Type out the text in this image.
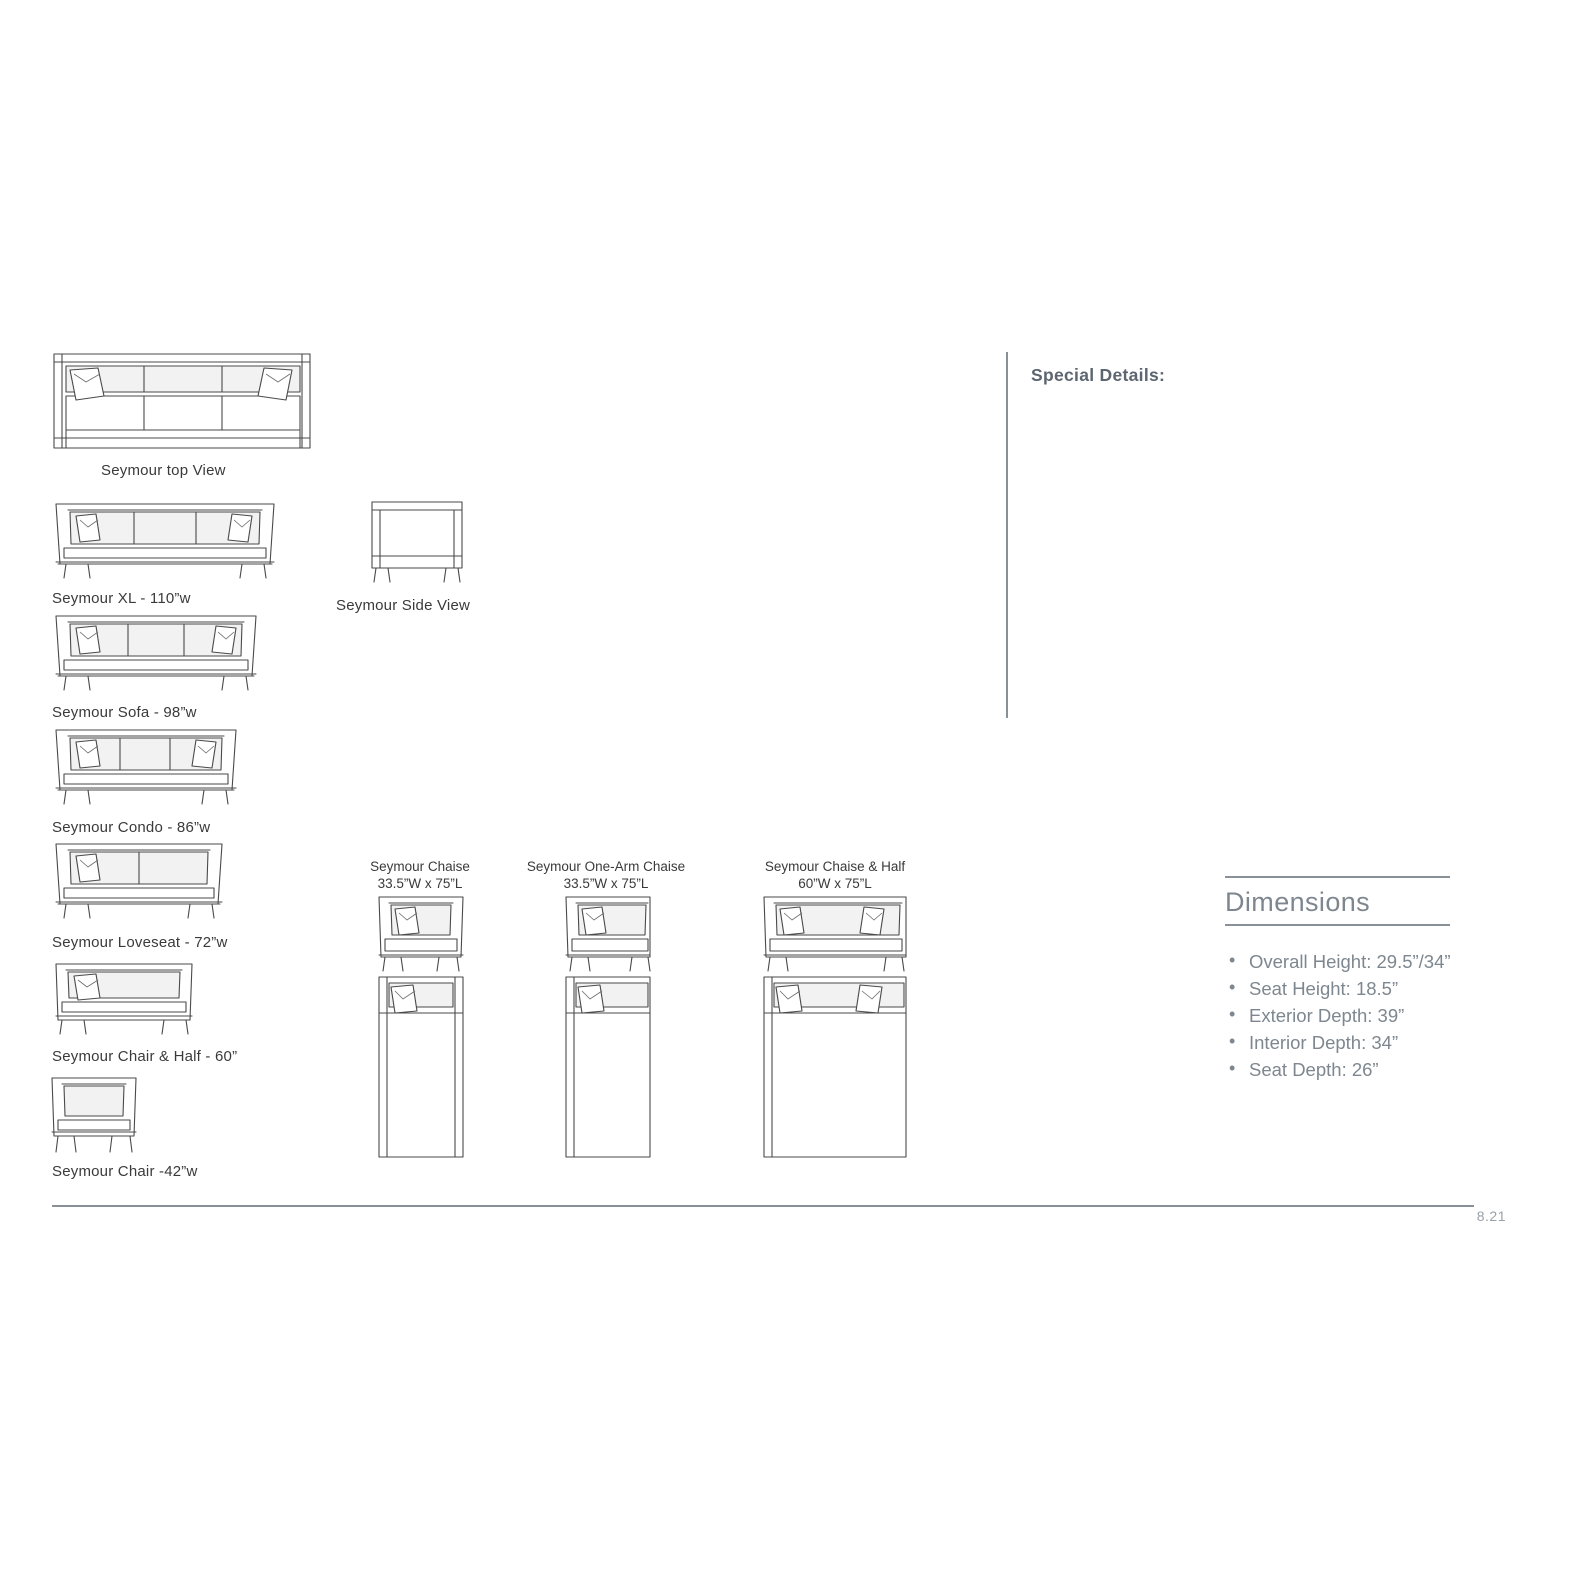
Seymour top View
Seymour XL - 110”w	Seymour Side View
Seymour Sofa - 98”w
Seymour Condo - 86”w
Seymour Loveseat - 72”w
Seymour Chair & Half - 60”
Seymour Chair -42”w
Seymour Chaise
33.5”W x 75”L
Seymour One-Arm Chaise
33.5”W x 75”L
Seymour Chaise & Half
60”W x 75”L
Special Details:
Dimensions
• Overall Height: 29.5”/34”
• Seat Height: 18.5”
• Exterior Depth: 39”
• Interior Depth: 34”
• Seat Depth: 26”
8.21
